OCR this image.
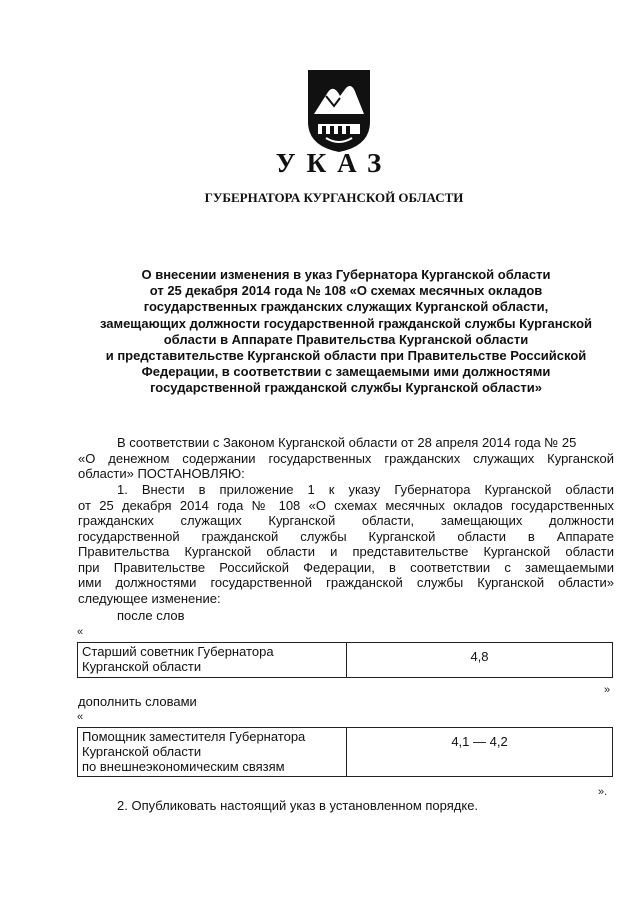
УКАЗ
ГУБЕРНАТОРА КУРГАНСКОЙ ОБЛАСТИ
О внесении изменения в указ Губернатора Курганской области
от 25 декабря 2014 года № 108 «О схемах месячных окладов
государственных гражданских служащих Курганской области,
замещающих должности государственной гражданской службы Курганской
области в Аппарате Правительства Курганской области
и представительстве Курганской области при Правительстве Российской
Федерации, в соответствии с замещаемыми ими должностями
государственной гражданской службы Курганской области»
В соответствии с Законом Курганской области от 28 апреля 2014 года № 25
«О денежном содержании государственных гражданских служащих Курганской
области» ПОСТАНОВЛЯЮ:
1. Внести в приложение 1 к указу Губернатора Курганской области
от 25 декабря 2014 года № 108 «О схемах месячных окладов государственных
гражданских служащих Курганской области, замещающих должности
государственной гражданской службы Курганской области в Аппарате
Правительства Курганской области и представительстве Курганской области
при Правительстве Российской Федерации, в соответствии с замещаемыми
ими должностями государственной гражданской службы Курганской области»
следующее изменение:
после слов
«
Старший советник Губернатора
Курганской области
4,8
»
дополнить словами
«
Помощник заместителя Губернатора
Курганской области
по внешнеэкономическим связям
4,1 — 4,2
».
2. Опубликовать настоящий указ в установленном порядке.
